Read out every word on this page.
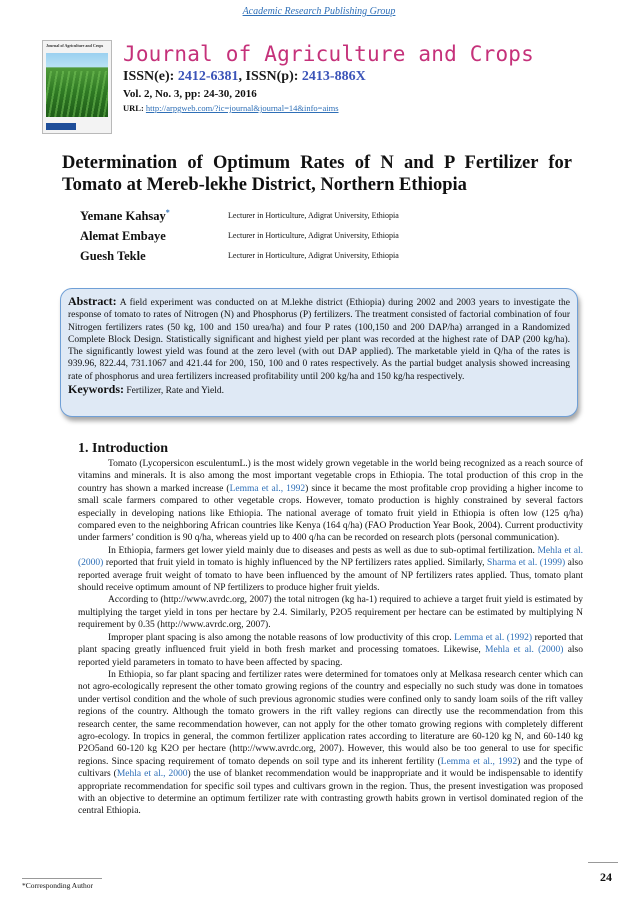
Academic Research Publishing Group
Journal of Agriculture and Crops Journal of Agriculture and Crops
ISSN(e): 2412-6381, ISSN(p): 2413-886X
Vol. 2, No. 3, pp: 24-30, 2016
URL: http://arpgweb.com/?ic=journal&journal=14&info=aims
Determination of Optimum Rates of N and P Fertilizer for Tomato at Mereb-lekhe District, Northern Ethiopia
Yemane Kahsay*	Lecturer in Horticulture, Adigrat University, Ethiopia
Alemat Embaye	Lecturer in Horticulture, Adigrat University, Ethiopia
Guesh Tekle	Lecturer in Horticulture, Adigrat University, Ethiopia
Abstract: A field experiment was conducted on at M.lekhe district (Ethiopia) during 2002 and 2003 years to investigate the response of tomato to rates of Nitrogen (N) and Phosphorus (P) fertilizers. The treatment consisted of factorial combination of four Nitrogen fertilizers rates (50 kg, 100 and 150 urea/ha) and four P rates (100,150 and 200 DAP/ha) arranged in a Randomized Complete Block Design. Statistically significant and highest yield per plant was recorded at the highest rate of DAP (200 kg/ha). The significantly lowest yield was found at the zero level (with out DAP applied). The marketable yield in Q/ha of the rates is 939.96, 822.44, 731.1067 and 421.44 for 200, 150, 100 and 0 rates respectively. As the partial budget analysis showed increasing rate of phosphorus and urea fertilizers increased profitability until 200 kg/ha and 150 kg/ha respectively.
Keywords: Fertilizer, Rate and Yield.
1. Introduction

Tomato (Lycopersicon esculentumL.) is the most widely grown vegetable in the world being recognized as a reach source of vitamins and minerals. It is also among the most important vegetable crops in Ethiopia. The total production of this crop in the country has shown a marked increase (Lemma et al., 1992) since it became the most profitable crop providing a higher income to small scale farmers compared to other vegetable crops. However, tomato production is highly constrained by several factors especially in developing nations like Ethiopia. The national average of tomato fruit yield in Ethiopia is often low (125 q/ha) compared even to the neighboring African countries like Kenya (164 q/ha) (FAO Production Year Book, 2004). Current productivity under farmers’ condition is 90 q/ha, whereas yield up to 400 q/ha can be recorded on research plots (personal communication).

In Ethiopia, farmers get lower yield mainly due to diseases and pests as well as due to sub-optimal fertilization. Mehla et al. (2000) reported that fruit yield in tomato is highly influenced by the NP fertilizers rates applied. Similarly, Sharma et al. (1999) also reported average fruit weight of tomato to have been influenced by the amount of NP fertilizers rates applied. Thus, tomato plant should receive optimum amount of NP fertilizers to produce higher fruit yields.

According to (http://www.avrdc.org, 2007) the total nitrogen (kg ha-1) required to achieve a target fruit yield is estimated by multiplying the target yield in tons per hectare by 2.4. Similarly, P2O5 requirement per hectare can be estimated by multiplying N requirement by 0.35 (http://www.avrdc.org, 2007).

Improper plant spacing is also among the notable reasons of low productivity of this crop. Lemma et al. (1992) reported that plant spacing greatly influenced fruit yield in both fresh market and processing tomatoes. Likewise, Mehla et al. (2000) also reported yield parameters in tomato to have been affected by spacing.

In Ethiopia, so far plant spacing and fertilizer rates were determined for tomatoes only at Melkasa research center which can not agro-ecologically represent the other tomato growing regions of the country and especially no such study was done in tomatoes under vertisol condition and the whole of such previous agronomic studies were confined only to sandy loam soils of the rift valley regions of the country. Although the tomato growers in the rift valley regions can directly use the recommendation from this research center, the same recommendation however, can not apply for the other tomato growing regions with completely different agro-ecology. In tropics in general, the common fertilizer application rates according to literature are 60-120 kg N, and 60-140 kg P2O5and 60-120 kg K2O per hectare (http://www.avrdc.org, 2007). However, this would also be too general to use for specific regions. Since spacing requirement of tomato depends on soil type and its inherent fertility (Lemma et al., 1992) and the type of cultivars (Mehla et al., 2000) the use of blanket recommendation would be inappropriate and it would be indispensable to identify appropriate recommendation for specific soil types and cultivars grown in the region. Thus, the present investigation was proposed with an objective to determine an optimum fertilizer rate with contrasting growth habits grown in vertisol dominated region of the central Ethiopia.

24
*Corresponding Author
